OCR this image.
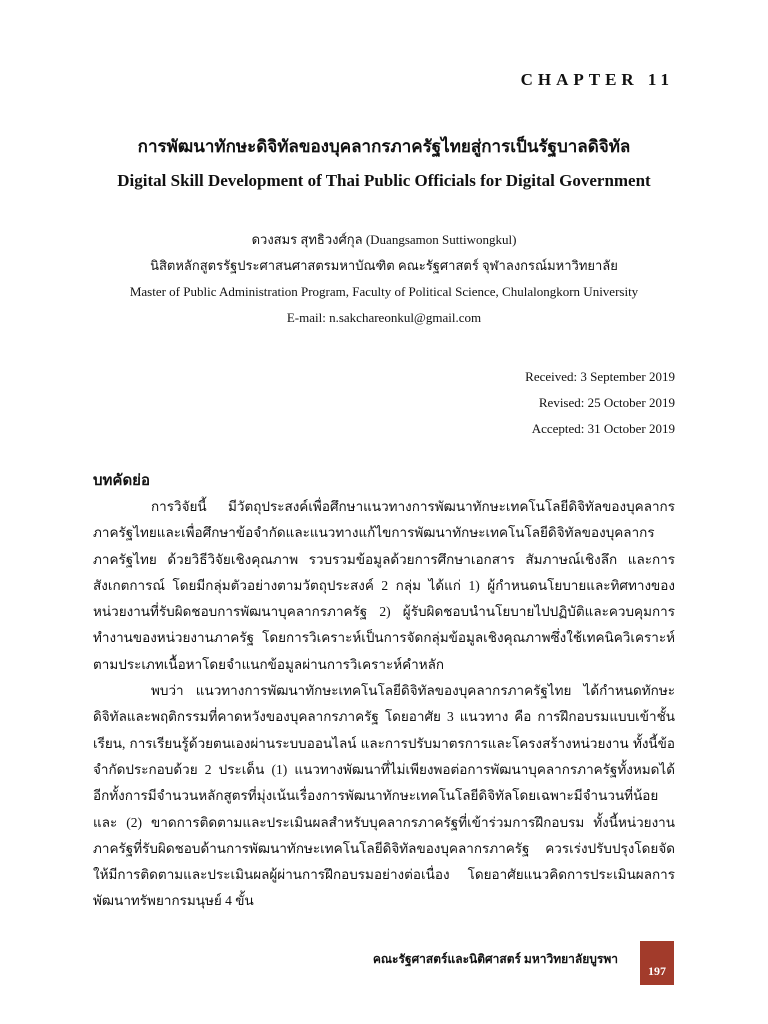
CHAPTER 11
การพัฒนาทักษะดิจิทัลของบุคลากรภาครัฐไทยสู่การเป็นรัฐบาลดิจิทัล
Digital Skill Development of Thai Public Officials for Digital Government
ดวงสมร สุทธิวงศ์กุล (Duangsamon Suttiwongkul)
นิสิตหลักสูตรรัฐประศาสนศาสตรมหาบัณฑิต คณะรัฐศาสตร์ จุฬาลงกรณ์มหาวิทยาลัย
Master of Public Administration Program, Faculty of Political Science, Chulalongkorn University
E-mail: n.sakchareonkul@gmail.com
Received: 3 September 2019
Revised: 25 October 2019
Accepted: 31 October 2019
บทคัดย่อ

การวิจัยนี้ มีวัตถุประสงค์เพื่อศึกษาแนวทางการพัฒนาทักษะเทคโนโลยีดิจิทัลของบุคลากรภาครัฐไทยและเพื่อศึกษาข้อจำกัดและแนวทางแก้ไขการพัฒนาทักษะเทคโนโลยีดิจิทัลของบุคลากรภาครัฐไทย ด้วยวิธีวิจัยเชิงคุณภาพ รวบรวมข้อมูลด้วยการศึกษาเอกสาร สัมภาษณ์เชิงลึก และการสังเกตการณ์ โดยมีกลุ่มตัวอย่างตามวัตถุประสงค์ 2 กลุ่ม ได้แก่ 1) ผู้กำหนดนโยบายและทิศทางของหน่วยงานที่รับผิดชอบการพัฒนาบุคลากรภาครัฐ 2) ผู้รับผิดชอบนำนโยบายไปปฏิบัติและควบคุมการทำงานของหน่วยงานภาครัฐ โดยการวิเคราะห์เป็นการจัดกลุ่มข้อมูลเชิงคุณภาพซึ่งใช้เทคนิควิเคราะห์ตามประเภทเนื้อหาโดยจำแนกข้อมูลผ่านการวิเคราะห์คำหลัก

พบว่า แนวทางการพัฒนาทักษะเทคโนโลยีดิจิทัลของบุคลากรภาครัฐไทย ได้กำหนดทักษะดิจิทัลและพฤติกรรมที่คาดหวังของบุคลากรภาครัฐ โดยอาศัย 3 แนวทาง คือ การฝึกอบรมแบบเข้าชั้นเรียน, การเรียนรู้ด้วยตนเองผ่านระบบออนไลน์ และการปรับมาตรการและโครงสร้างหน่วยงาน ทั้งนี้ข้อจำกัดประกอบด้วย 2 ประเด็น (1) แนวทางพัฒนาที่ไม่เพียงพอต่อการพัฒนาบุคลากรภาครัฐทั้งหมดได้ อีกทั้งการมีจำนวนหลักสูตรที่มุ่งเน้นเรื่องการพัฒนาทักษะเทคโนโลยีดิจิทัลโดยเฉพาะมีจำนวนที่น้อย และ (2) ขาดการติดตามและประเมินผลสำหรับบุคลากรภาครัฐที่เข้าร่วมการฝึกอบรม ทั้งนี้หน่วยงานภาครัฐที่รับผิดชอบด้านการพัฒนาทักษะเทคโนโลยีดิจิทัลของบุคลากรภาครัฐ ควรเร่งปรับปรุงโดยจัดให้มีการติดตามและประเมินผลผู้ผ่านการฝึกอบรมอย่างต่อเนื่อง โดยอาศัยแนวคิดการประเมินผลการพัฒนาทรัพยากรมนุษย์ 4 ขั้น

คณะรัฐศาสตร์และนิติศาสตร์ มหาวิทยาลัยบูรพา
197
